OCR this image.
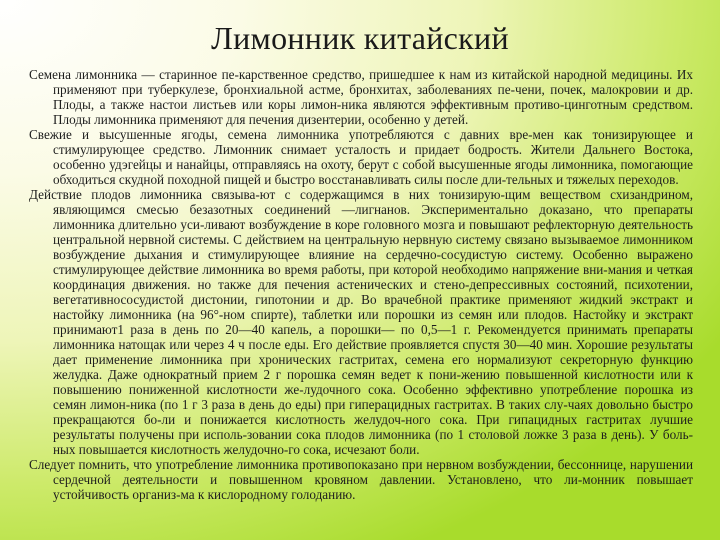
Лимонник китайский

Семена лимонника — старинное пе-карственное средство, пришедшее к нам из китайской народной медицины. Их применяют при туберкулезе, бронхиальной астме, бронхитах, заболеваниях пе-чени, почек, малокровии и др. Плоды, а также настои листьев или коры лимон-ника являются эффективным противо-цинготным средством. Плоды лимонника применяют для печения дизентерии, особенно у детей.

Свежие и высушенные ягоды, семена лимонника употребляются с давних вре-мен как тонизирующее и стимулирующее средство. Лимонник снимает усталость и придает бодрость. Жители Дальнего Востока, особенно удэгейцы и нанайцы, отправляясь на охоту, берут с собой высушенные ягоды лимонника, помогающие обходиться скудной походной пищей и быстро восстанавливать силы после дли-тельных и тяжелых переходов.

Действие плодов лимонника связыва-ют с содержащимся в них тонизирую-щим веществом схизандрином, являющимся смесью безазотных соединений —лигнанов. Экспериментально доказано, что препараты лимонника длительно уси-ливают возбуждение в коре головного мозга и повышают рефлекторную деятельность центральной нервной системы. С действием на центральную нервную систему связано вызываемое лимонником возбуждение дыхания и стимулирующее влияние на сердечно-сосудистую систему. Особенно выражено стимулирующее действие лимонника во время работы, при которой необходимо напряжение вни-мания и четкая координация движения. но также для печения астенических и стено-депрессивных состояний, психотении, вегетативнососудистой дистонии, гипотонии и др. Во врачебной практике применяют жидкий экстракт и настойку лимонника (на 96°-ном спирте), таблетки или порошки из семян или плодов. Настойку и экстракт принимают1 раза в день по 20—40 капель, а порошки— по 0,5—1 г. Рекомендуется принимать препараты лимонника натощак или через 4 ч после еды. Его действие проявляется спустя 30—40 мин. Хорошие результаты дает применение лимонника при хронических гастритах, семена его нормализуют секреторную функцию желудка. Даже однократный прием 2 г порошка семян ведет к пони-жению повышенной кислотности или к повышению пониженной кислотности же-лудочного сока. Особенно эффективно употребление порошка из семян лимон-ника (по 1 г 3 раза в день до еды) при гиперацидных гастритах. В таких слу-чаях довольно быстро прекращаются бо-ли и понижается кислотность желудоч-ного сока. При гипацидных гастритах лучшие результаты получены при исполь-зовании сока плодов лимонника (по 1 столовой ложке 3 раза в день). У боль-ных повышается кислотность желудочно-го сока, исчезают боли.

Следует помнить, что употребление лимонника противопоказано при нервном возбуждении, бессоннице, нарушении сердечной деятельности и повышенном кровяном давлении. Установлено, что ли-монник повышает устойчивость организ-ма к кислородному голоданию.
